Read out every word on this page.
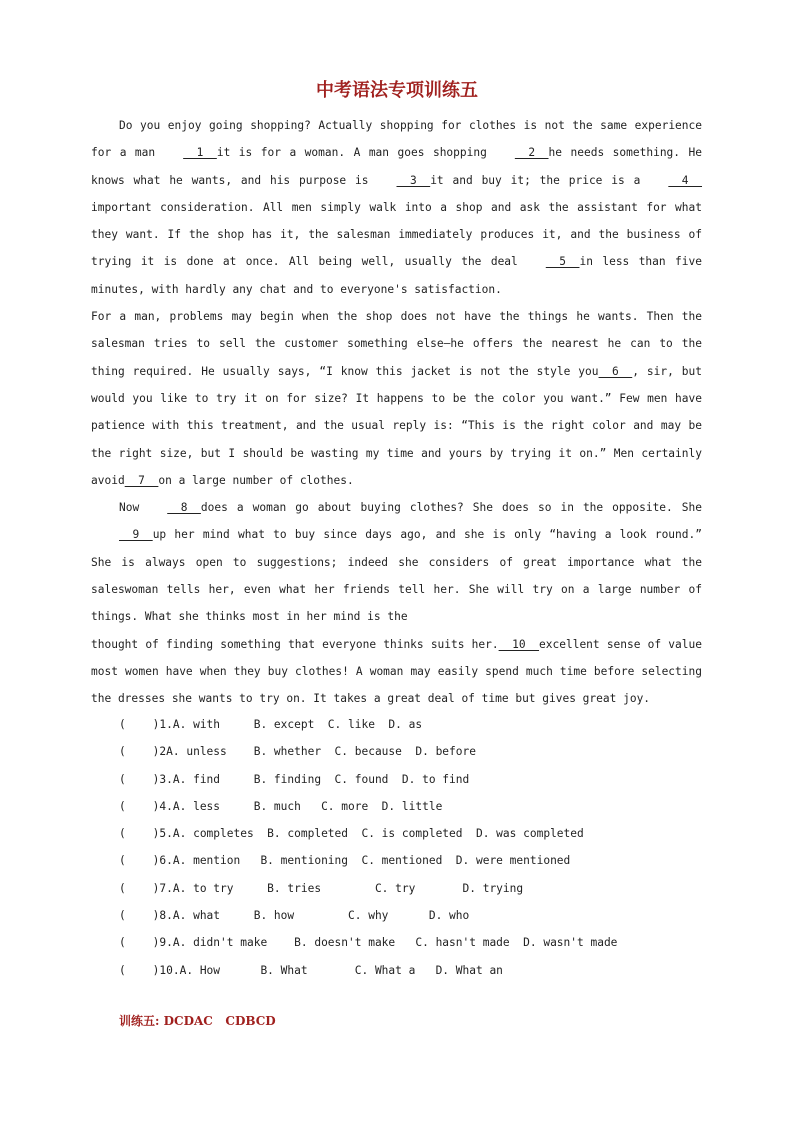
中考语法专项训练五

Do you enjoy going shopping? Actually shopping for clothes is not the same experience for a man	1  it is for a woman. A man goes shopping	2  he needs something. He knows what he wants, and his purpose is	3  it and buy it; the price is a	4  important consideration. All men simply walk into a shop and ask the assistant for what they want. If the shop has it, the salesman immediately produces it, and the business of trying it is done at once. All being well, usually the deal	5  in less than five minutes, with hardly any chat and to everyone's satisfaction.

For a man, problems may begin when the shop does not have the things he wants. Then the salesman tries to sell the customer something else—he offers the nearest he can to the thing required. He usually says, “I know this jacket is not the style you  6  , sir, but would you like to try it on for size? It happens to be the color you want.” Few men have patience with this treatment, and the usual reply is: “This is the right color and may be the right size, but I should be wasting my time and yours by trying it on.” Men certainly avoid  7  on a large number of clothes.

Now	8  does a woman go about buying clothes? She does so in the opposite. She  9  up her mind what to buy since days ago, and she is only “having a look round.” She is always open to suggestions; indeed she considers of great importance what the saleswoman tells her, even what her friends tell her. She will try on a large number of things. What she thinks most in her mind is the

thought of finding something that everyone thinks suits her.  10  excellent sense of value most women have when they buy clothes! A woman may easily spend much time before selecting the dresses she wants to try on. It takes a great deal of time but gives great joy.

(    )1.A. with     B. except  C. like  D. as
(    )2A. unless    B. whether  C. because  D. before
(    )3.A. find     B. finding  C. found  D. to find
(    )4.A. less     B. much   C. more  D. little
(    )5.A. completes  B. completed  C. is completed  D. was completed
(    )6.A. mention   B. mentioning  C. mentioned  D. were mentioned
(    )7.A. to try     B. tries        C. try       D. trying
(    )8.A. what     B. how        C. why      D. who
(    )9.A. didn't make    B. doesn't make   C. hasn't made  D. wasn't made
(    )10.A. How      B. What       C. What a   D. What an
训练五: DCDAC CDBCD
